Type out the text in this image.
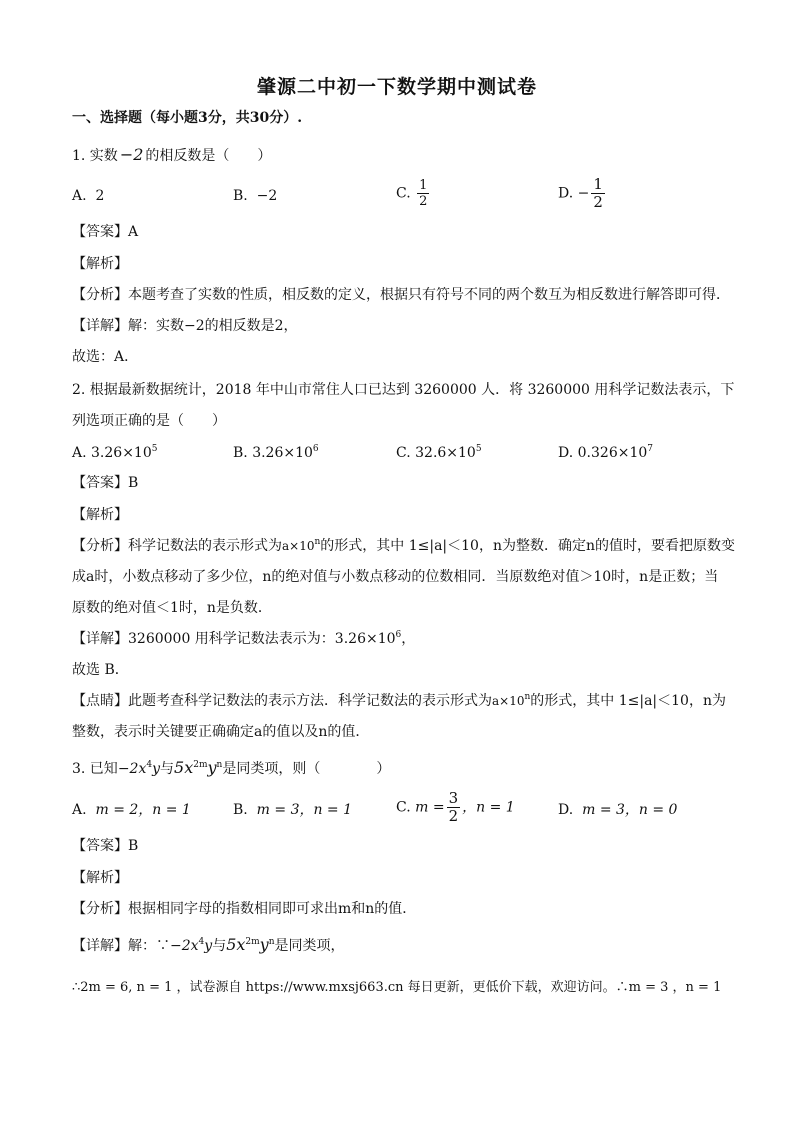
肇源二中初一下数学期中测试卷
一、选择题（每小题3分，共30分）.
1. 实数 −2 的相反数是（　　）
A. 2	B. −2	C. $\frac{1}{2}$	D. − $\frac{1}{2}$
【答案】A
【解析】
【分析】本题考查了实数的性质，相反数的定义，根据只有符号不同的两个数互为相反数进行解答即可得．
【详解】解：实数−2的相反数是2，
故选：A．
2. 根据最新数据统计，2018 年中山市常住人口已达到 3260000 人．将 3260000 用科学记数法表示，下
列选项正确的是（　　）
A. $3.26\times 10^5$	B. $3.26\times 10^6$	C. $32.6\times 10^5$	D. $0.326\times 10^7$
【答案】B
【解析】
【分析】科学记数法的表示形式为$a\times 10^n$的形式，其中 1≤|a|＜10，n为整数．确定n的值时，要看把原数变
成a时，小数点移动了多少位，n的绝对值与小数点移动的位数相同．当原数绝对值＞10时，n是正数；当
原数的绝对值＜1时，n是负数．
【详解】3260000 用科学记数法表示为：$3.26\times 10^6$，
故选 B．
【点睛】此题考查科学记数法的表示方法．科学记数法的表示形式为$a\times 10^n$的形式，其中 1≤|a|＜10，n为
整数，表示时关键要正确确定a的值以及n的值．
3. 已知$-2x^4y$与$5x^{2m}y^n$是同类项，则（　　　　）
A. m = 2，n = 1	B. m = 3，n = 1	C. $m = \frac{3}{2}$ ，n = 1	D. m = 3，n = 0
【答案】B
【解析】
【分析】根据相同字母的指数相同即可求出m和n的值．
【详解】解：$\because-2x^4y$与$5x^{2m}y^n$是同类项，
∴2m = 6, n = 1 ，试卷源自 https://www.mxsj663.cn 每日更新，更低价下载，欢迎访问。∴m = 3 ，n = 1
